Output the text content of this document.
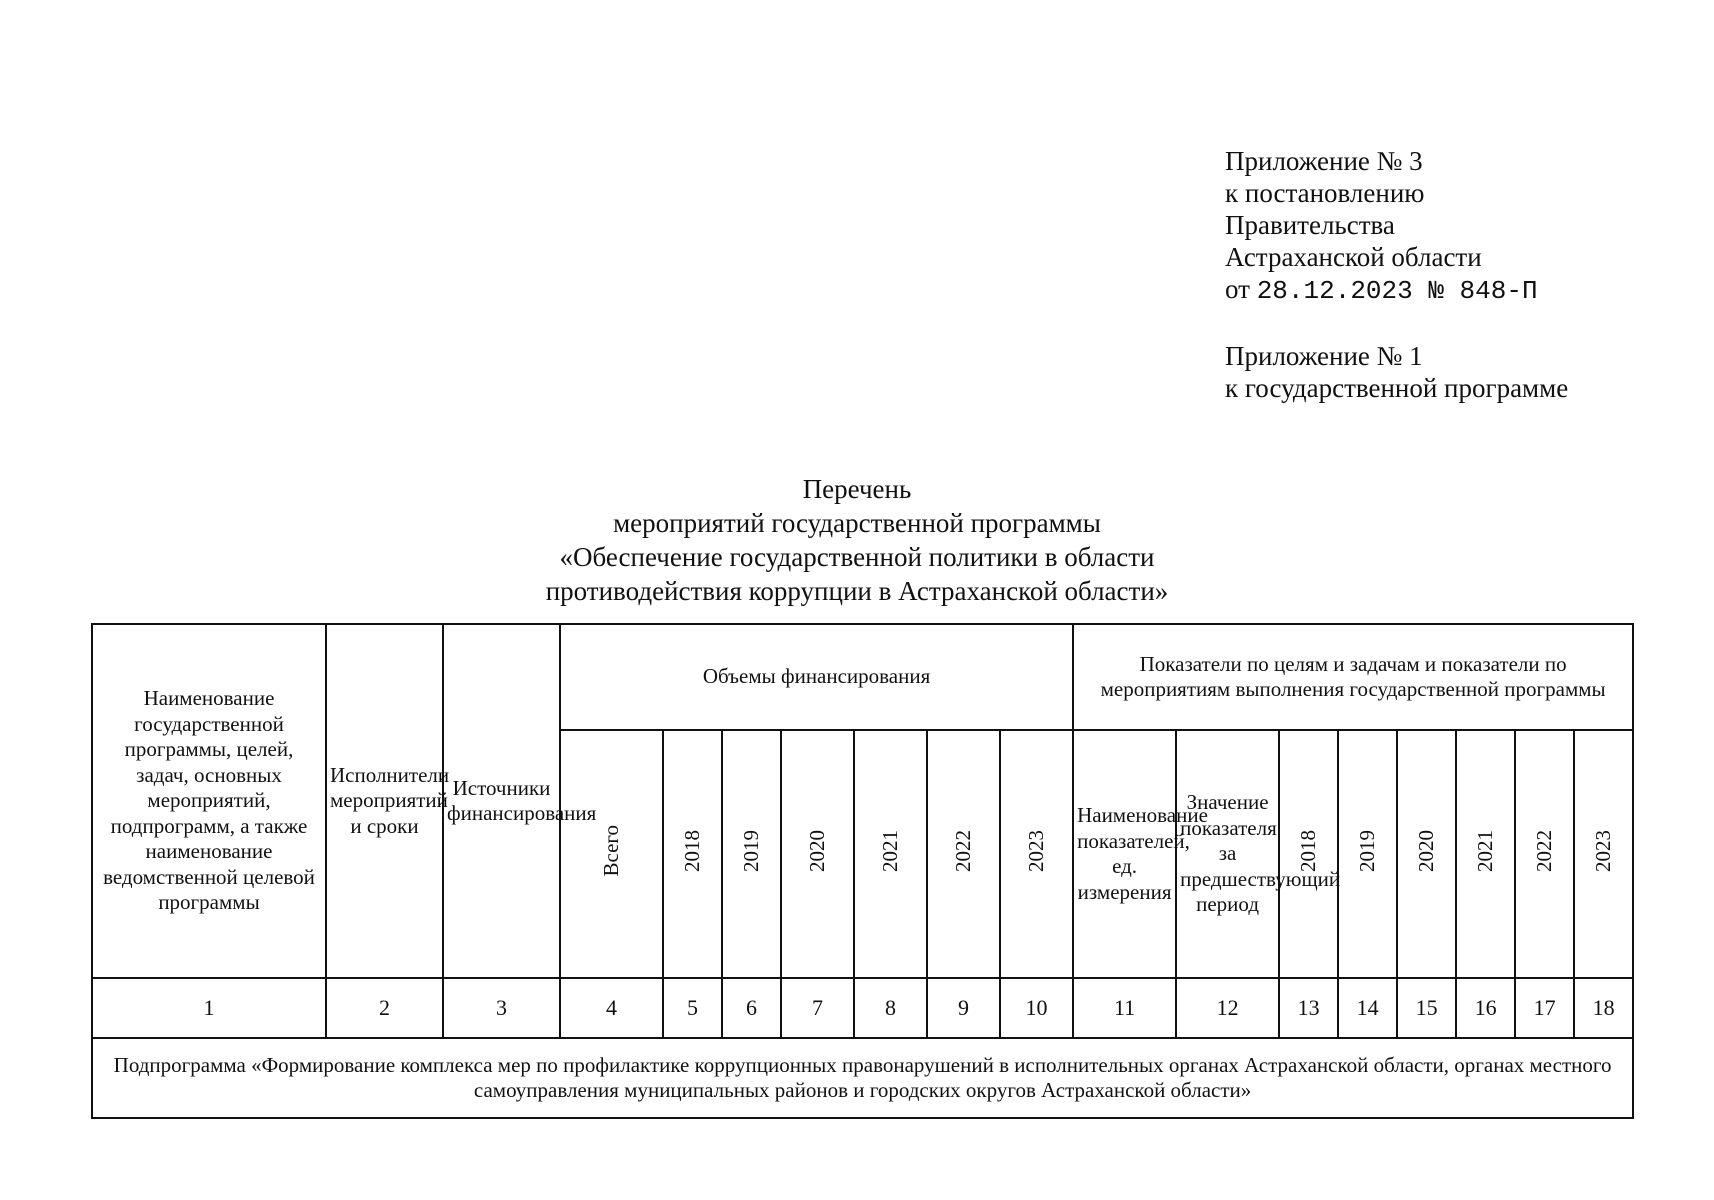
Приложение № 3
к постановлению
Правительства
Астраханской области
от 28.12.2023 № 848-П
Приложение № 1
к государственной программе
Перечень
мероприятий государственной программы
«Обеспечение государственной политики в области
противодействия коррупции в Астраханской области»
Наименование государственной программы, целей, задач, основных мероприятий, подпрограмм, а также наименование ведомственной целевой программы	Исполнители мероприятий и сроки	Источники финансирования	Объемы финансирования							Показатели по целям и задачам и показатели по мероприятиям выполнения государственной программы							
			Всего	2018	2019	2020	2021	2022	2023	Наименование показателей, ед. измерения	Значение показателя за предшествующий период	2018	2019	2020	2021	2022	2023
1	2	3	4	5	6	7	8	9	10	11	12	13	14	15	16	17	18
Подпрограмма «Формирование комплекса мер по профилактике коррупционных правонарушений в исполнительных органах Астраханской области, органах местного самоуправления муниципальных районов и городских округов Астраханской области»																	
